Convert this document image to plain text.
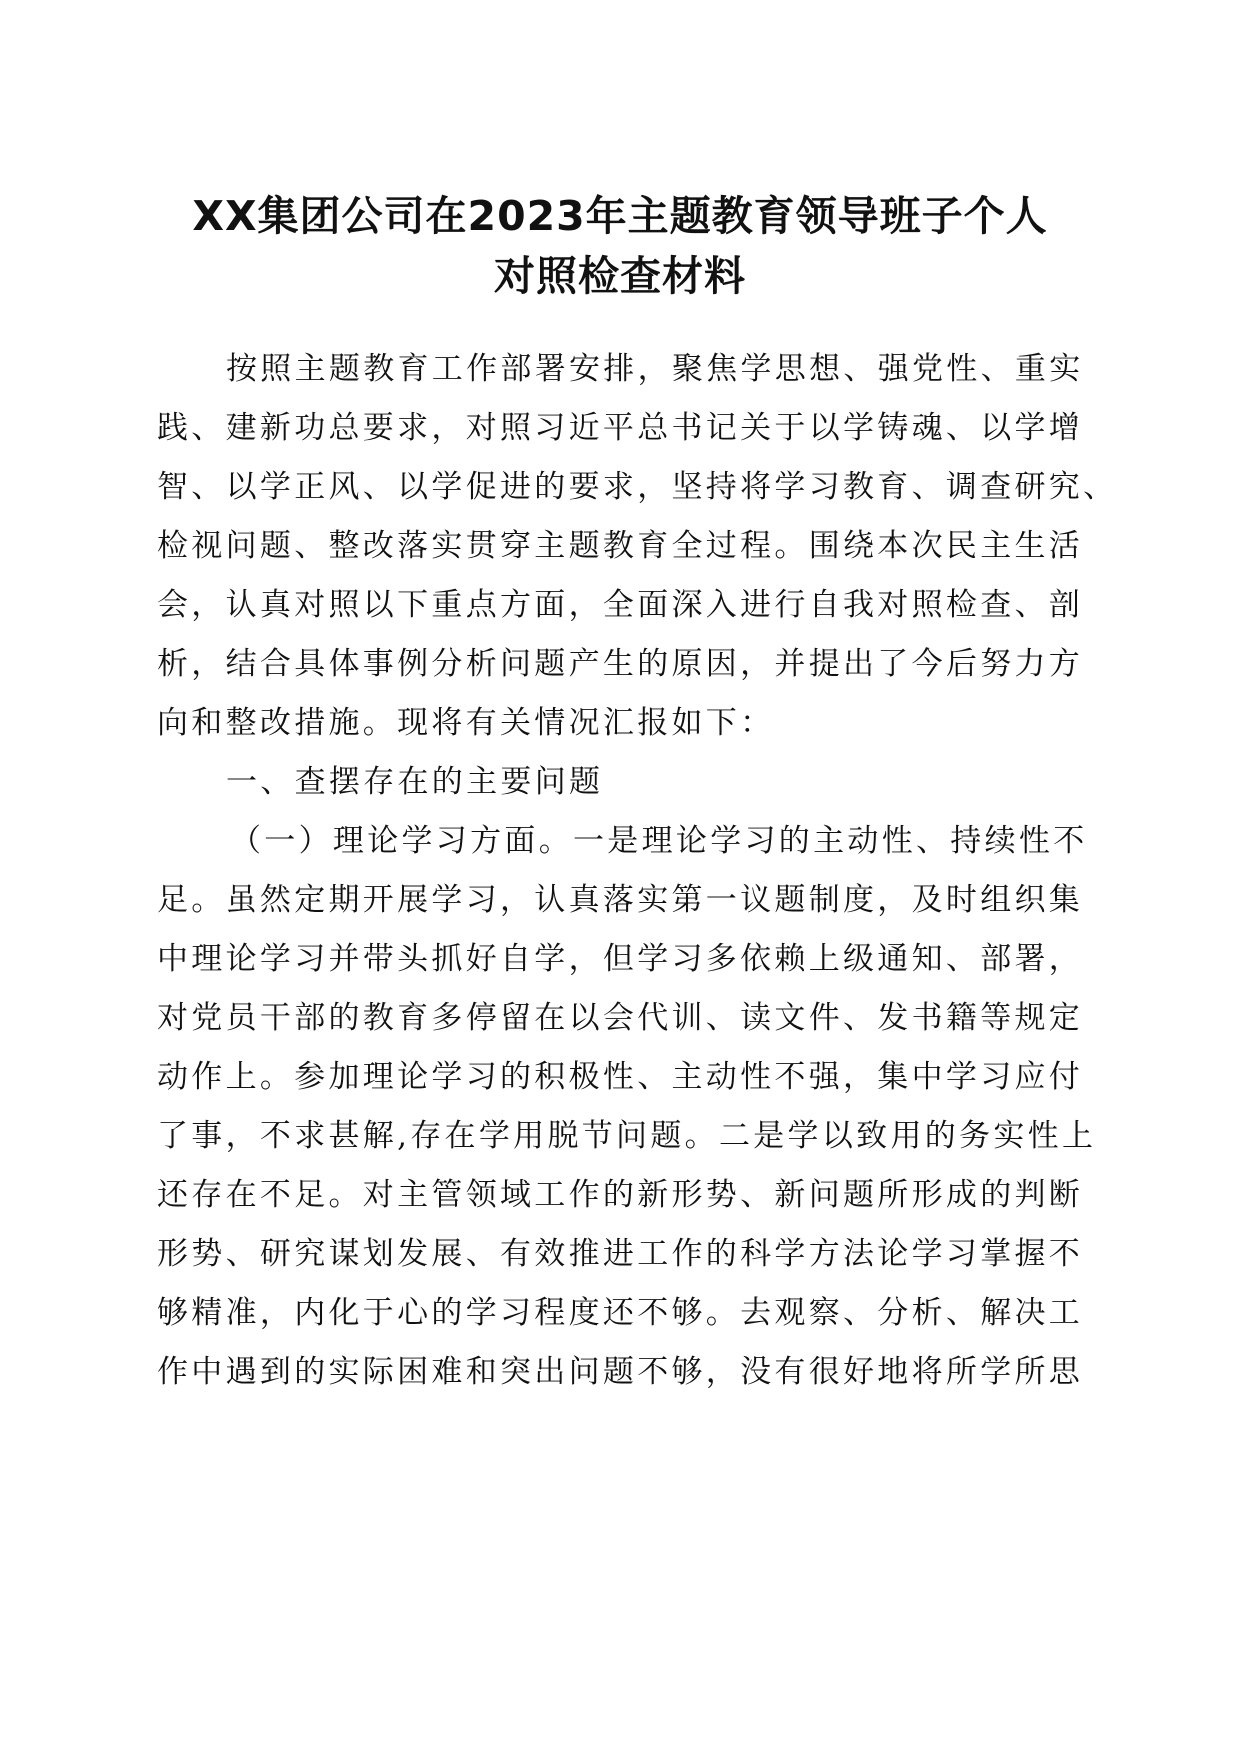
XX集团公司在2023年主题教育领导班子个人
对照检查材料
按照主题教育工作部署安排，聚焦学思想、强党性、重实
践、建新功总要求，对照习近平总书记关于以学铸魂、以学增
智、以学正风、以学促进的要求，坚持将学习教育、调查研究、
检视问题、整改落实贯穿主题教育全过程。围绕本次民主生活
会，认真对照以下重点方面，全面深入进行自我对照检查、剖
析，结合具体事例分析问题产生的原因，并提出了今后努力方
向和整改措施。现将有关情况汇报如下：
一、查摆存在的主要问题
（一）理论学习方面。一是理论学习的主动性、持续性不
足。虽然定期开展学习，认真落实第一议题制度，及时组织集
中理论学习并带头抓好自学，但学习多依赖上级通知、部署，
对党员干部的教育多停留在以会代训、读文件、发书籍等规定
动作上。参加理论学习的积极性、主动性不强，集中学习应付
了事，不求甚解,存在学用脱节问题。二是学以致用的务实性上
还存在不足。对主管领域工作的新形势、新问题所形成的判断
形势、研究谋划发展、有效推进工作的科学方法论学习掌握不
够精准，内化于心的学习程度还不够。去观察、分析、解决工
作中遇到的实际困难和突出问题不够，没有很好地将所学所思
